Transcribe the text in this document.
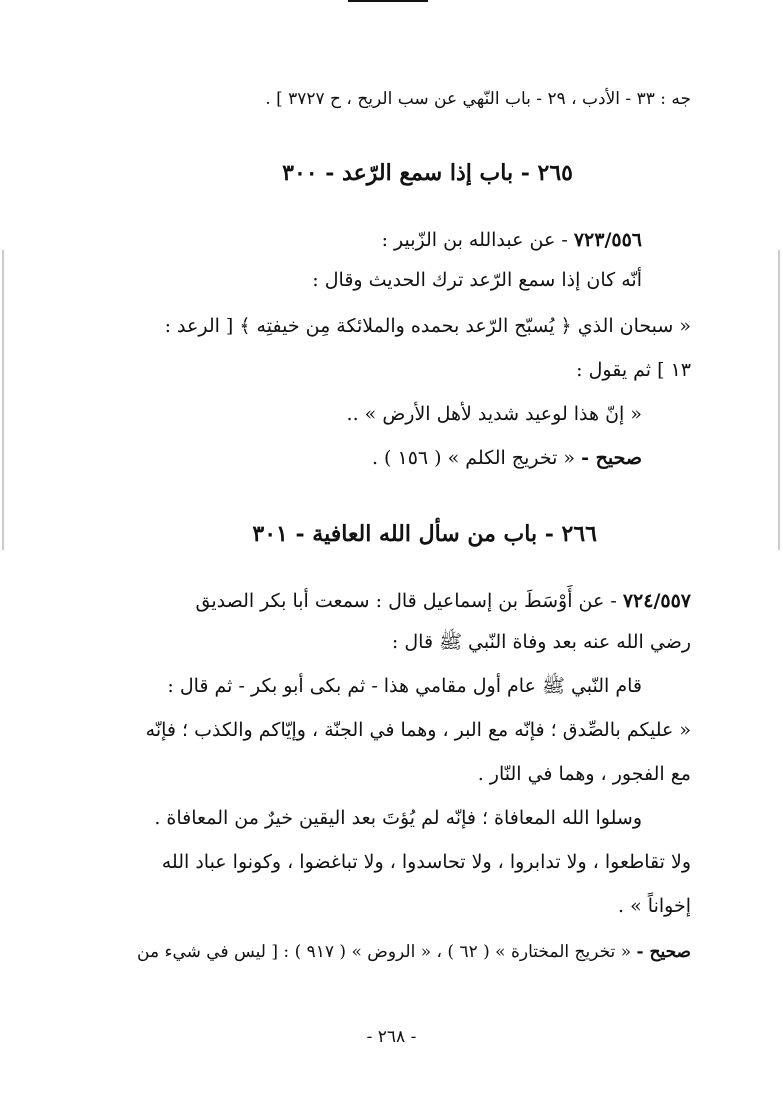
جه : ٣٣ - الأدب ، ٢٩ - باب النّهي عن سب الريح ، ح ٣٧٢٧ ] .
٢٦٥ - باب إذا سمع الرّعد - ٣٠٠
٧٢٣/٥٥٦ - عن عبدالله بن الزّبير :
أنّه كان إذا سمع الرّعد ترك الحديث وقال :
« سبحان الذي ﴿ يُسبّح الرّعد بحمده والملائكة مِن خيفتِه ﴾ [ الرعد :
١٣ ] ثم يقول :
« إنّ هذا لوعيد شديد لأهل الأرض » ..
صحيح - « تخريج الكلم » ( ١٥٦ ) .
٢٦٦ - باب من سأل الله العافية - ٣٠١
٧٢٤/٥٥٧ - عن أَوْسَطَ بن إسماعيل قال : سمعت أبا بكر الصديق
رضي الله عنه بعد وفاة النّبي ﷺ قال :
قام النّبي ﷺ عام أول مقامي هذا - ثم بكى أبو بكر - ثم قال :
« عليكم بالصِّدق ؛ فإنّه مع البر ، وهما في الجنّة ، وإيّاكم والكذب ؛ فإنّه
مع الفجور ، وهما في النّار .
وسلوا الله المعافاة ؛ فإنّه لم يُؤتَ بعد اليقين خيرٌ من المعافاة .
ولا تقاطعوا ، ولا تدابروا ، ولا تحاسدوا ، ولا تباغضوا ، وكونوا عباد الله
إخواناً » .
صحيح - « تخريج المختارة » ( ٦٢ ) ، « الروض » ( ٩١٧ ) : [ ليس في شيء من
- ٢٦٨ -
